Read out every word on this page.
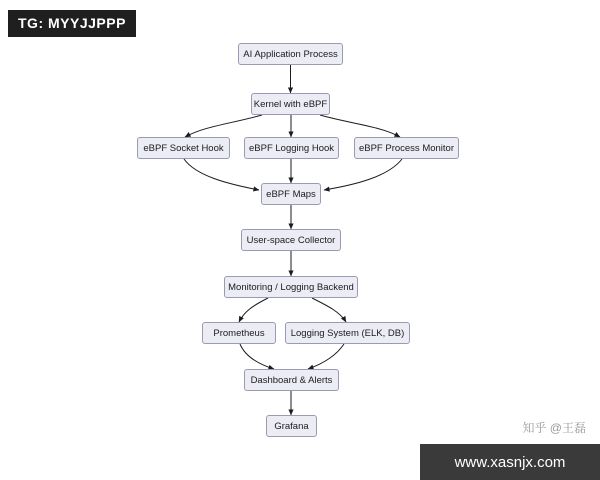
TG: MYYJJPPP
AI Application Process
Kernel with eBPF
eBPF Socket Hook	eBPF Logging Hook	eBPF Process Monitor
eBPF Maps
User-space Collector
Monitoring / Logging Backend
Prometheus	Logging System (ELK, DB)
Dashboard & Alerts
Grafana	知乎 @王磊
www.xasnjx.com
